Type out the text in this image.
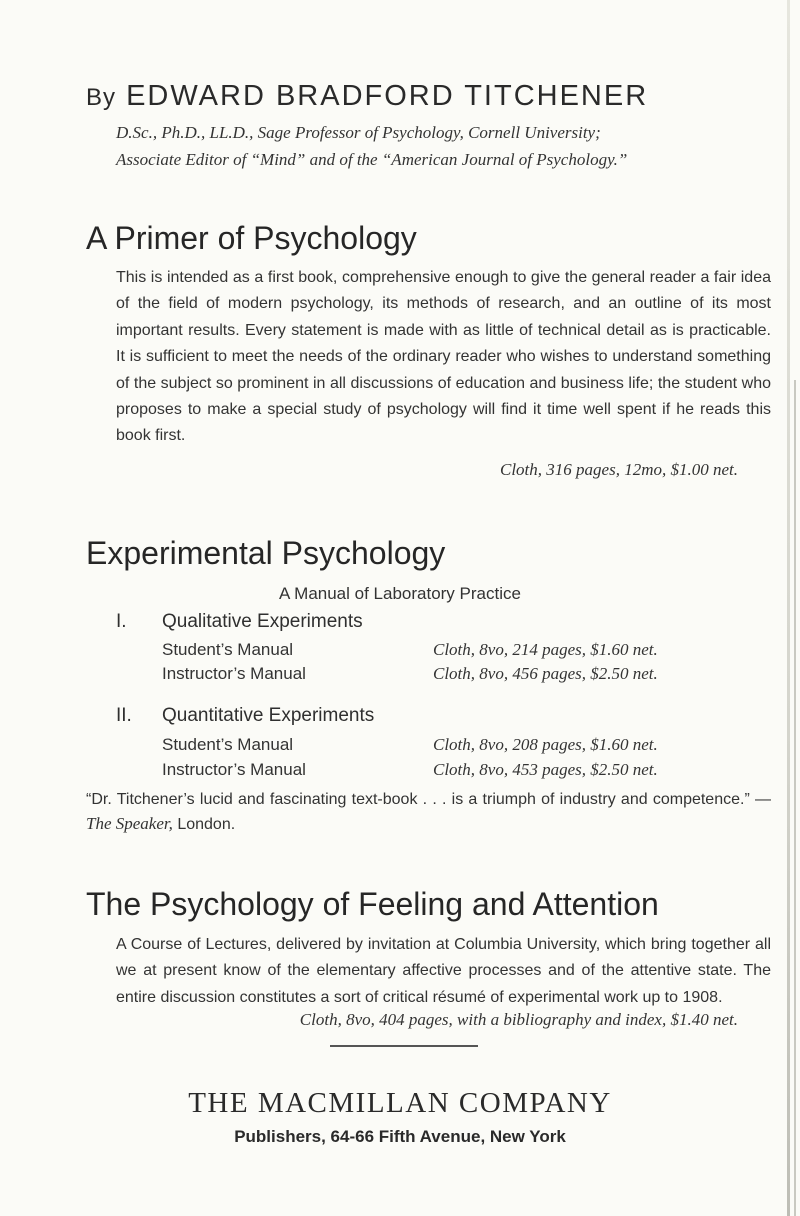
By EDWARD BRADFORD TITCHENER
D.Sc., Ph.D., LL.D., Sage Professor of Psychology, Cornell University;
Associate Editor of “Mind” and of the “American Journal of Psychology.”
A Primer of Psychology
This is intended as a first book, comprehensive enough to give the general reader a fair idea of the field of modern psychology, its methods of research, and an outline of its most important results. Every statement is made with as little of technical detail as is practicable. It is sufficient to meet the needs of the ordinary reader who wishes to understand something of the subject so prominent in all discussions of education and business life; the student who proposes to make a special study of psychology will find it time well spent if he reads this book first.
Cloth, 316 pages, 12mo, $1.00 net.
Experimental Psychology
A Manual of Laboratory Practice
I. Qualitative Experiments
Student’s Manual	Cloth, 8vo, 214 pages, $1.60 net.
Instructor’s Manual	Cloth, 8vo, 456 pages, $2.50 net.
II. Quantitative Experiments
Student’s Manual	Cloth, 8vo, 208 pages, $1.60 net.
Instructor’s Manual	Cloth, 8vo, 453 pages, $2.50 net.
“Dr. Titchener’s lucid and fascinating text-book . . . is a triumph of industry and competence.” — The Speaker, London.
The Psychology of Feeling and Attention
A Course of Lectures, delivered by invitation at Columbia University, which bring together all we at present know of the elementary affective processes and of the attentive state. The entire discussion constitutes a sort of critical résumé of experimental work up to 1908.
Cloth, 8vo, 404 pages, with a bibliography and index, $1.40 net.
THE MACMILLAN COMPANY
Publishers, 64-66 Fifth Avenue, New York
